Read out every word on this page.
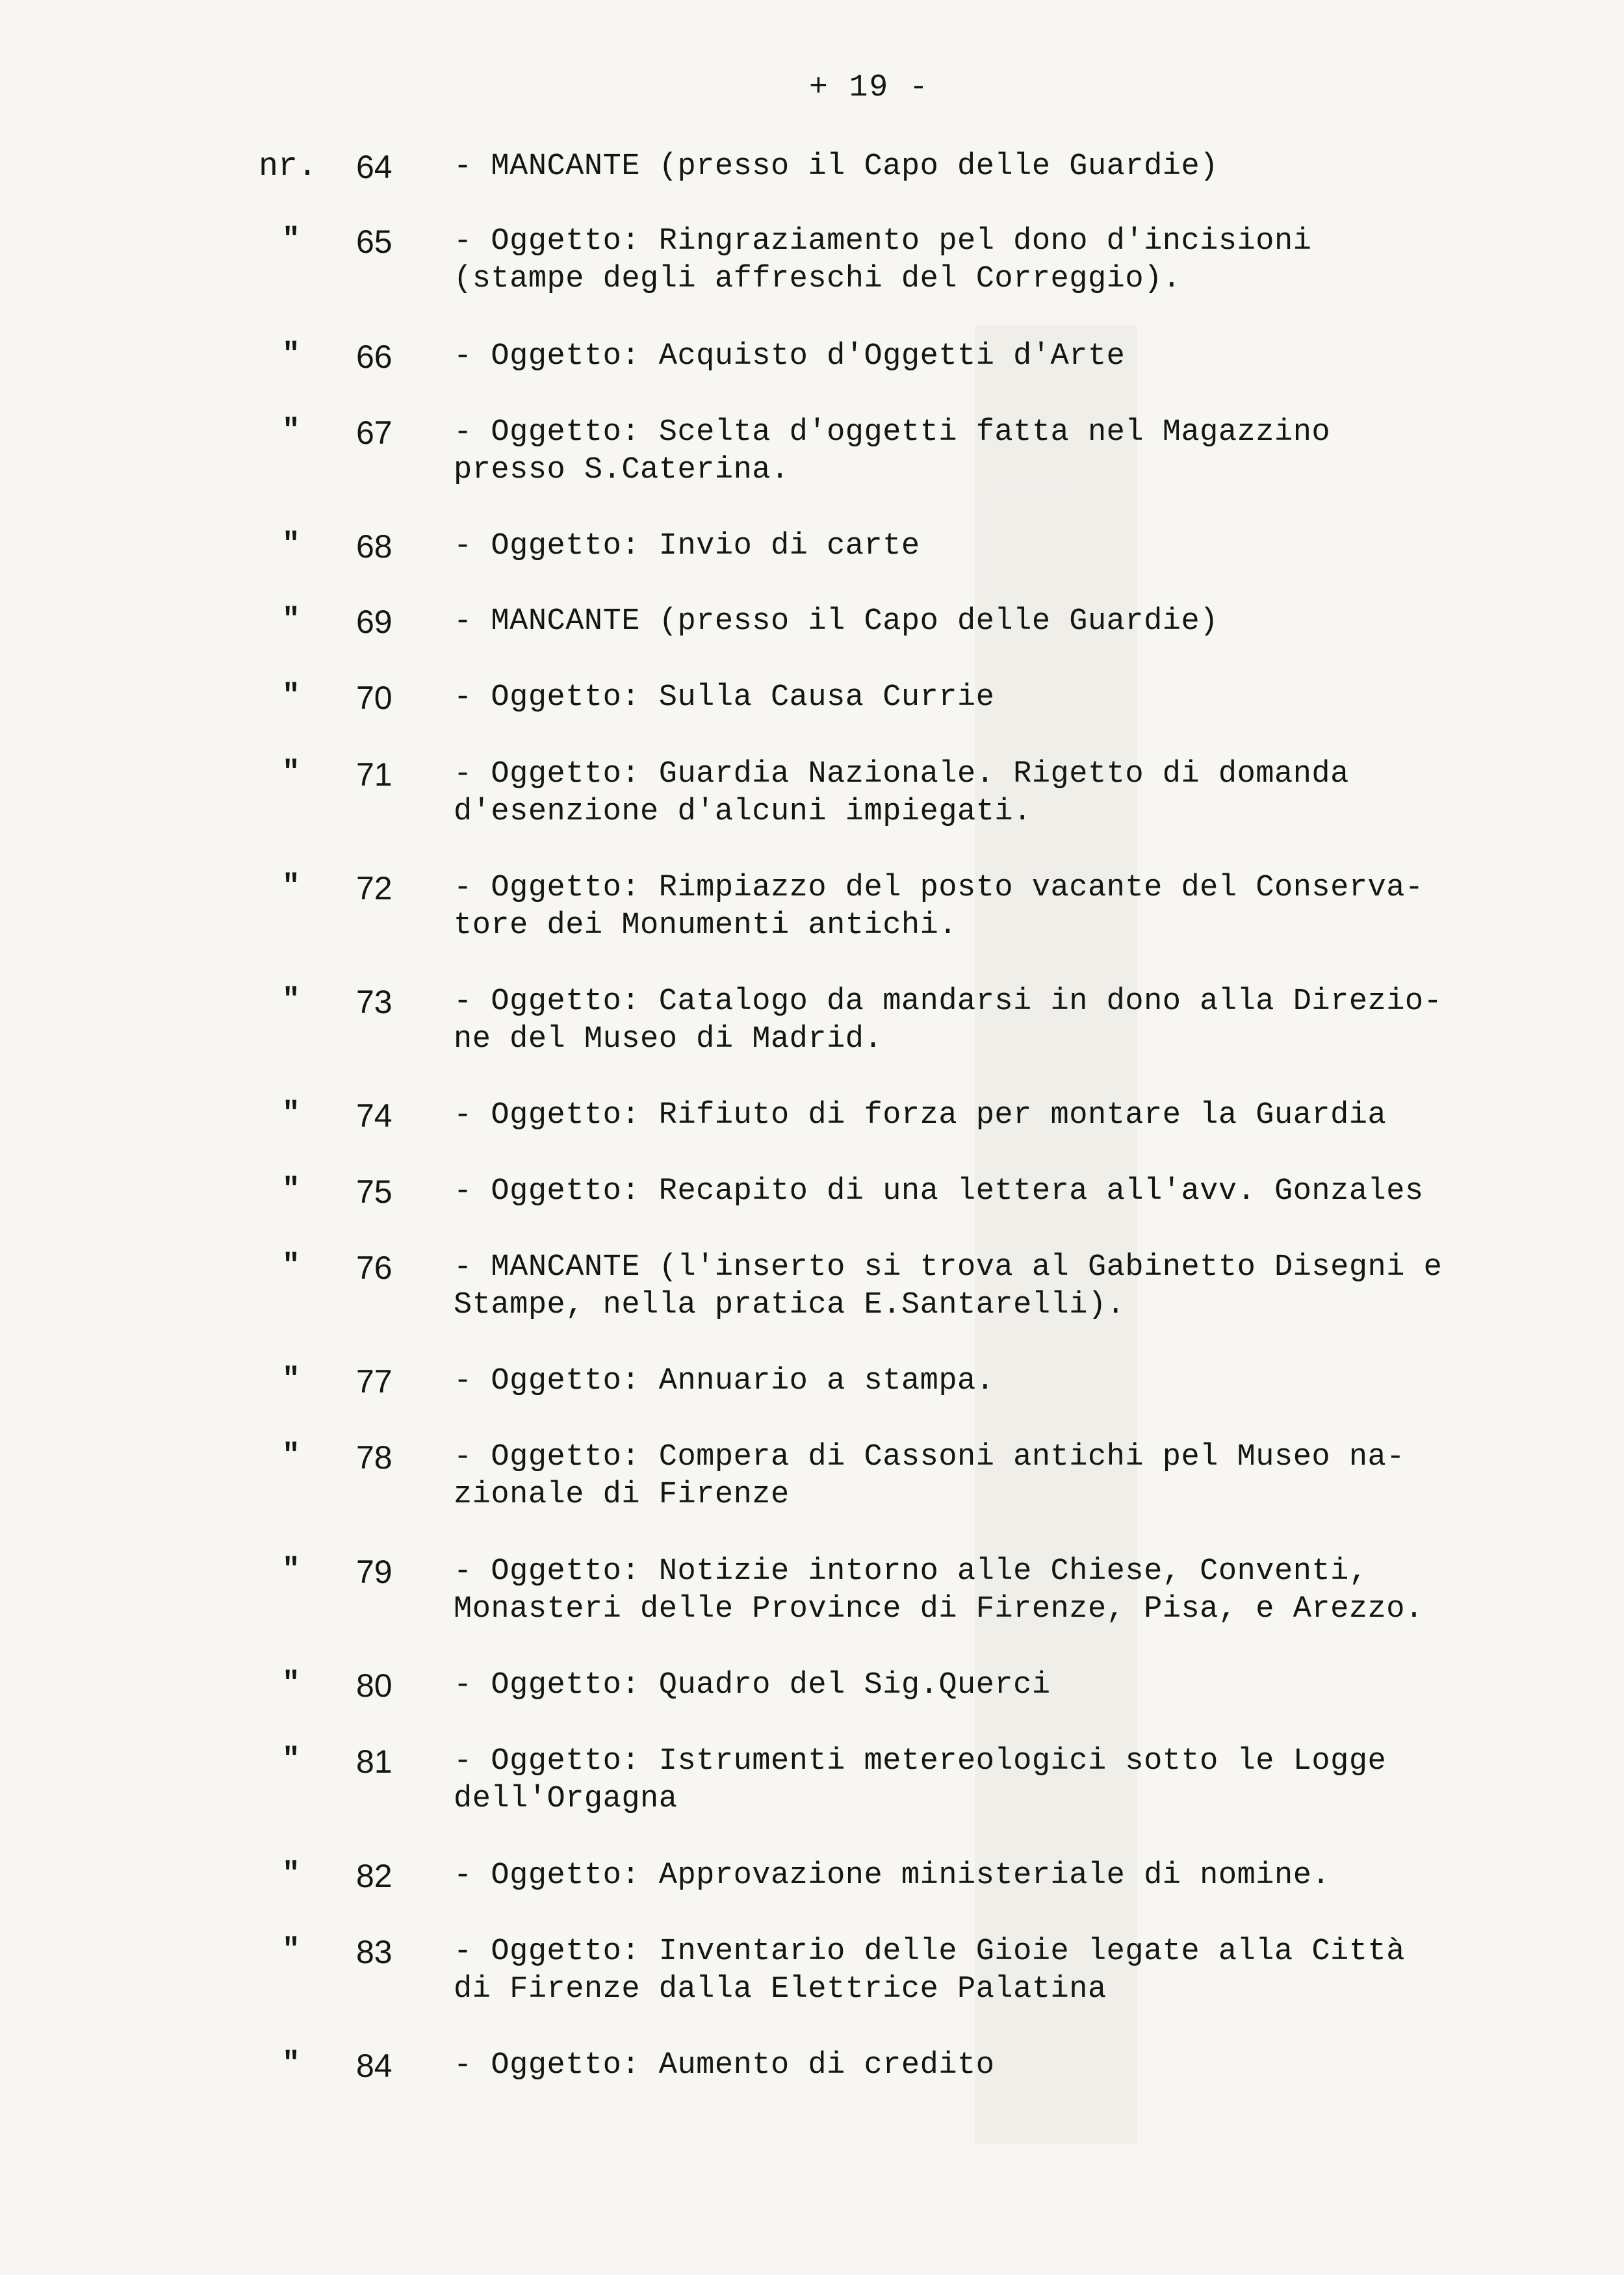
+ 19 -
nr. 64 - MANCANTE (presso il Capo delle Guardie)
" 65 - Oggetto: Ringraziamento pel dono d'incisioni
(stampe degli affreschi del Correggio).
" 66 - Oggetto: Acquisto d'Oggetti d'Arte
" 67 - Oggetto: Scelta d'oggetti fatta nel Magazzino
presso S.Caterina.
" 68 - Oggetto: Invio di carte
" 69 - MANCANTE (presso il Capo delle Guardie)
" 70 - Oggetto: Sulla Causa Currie
" 71 - Oggetto: Guardia Nazionale. Rigetto di domanda
d'esenzione d'alcuni impiegati.
" 72 - Oggetto: Rimpiazzo del posto vacante del Conserva-
tore dei Monumenti antichi.
" 73 - Oggetto: Catalogo da mandarsi in dono alla Direzio-
ne del Museo di Madrid.
" 74 - Oggetto: Rifiuto di forza per montare la Guardia
" 75 - Oggetto: Recapito di una lettera all'avv. Gonzales
" 76 - MANCANTE (l'inserto si trova al Gabinetto Disegni e
Stampe, nella pratica E.Santarelli).
" 77 - Oggetto: Annuario a stampa.
" 78 - Oggetto: Compera di Cassoni antichi pel Museo na-
zionale di Firenze
" 79 - Oggetto: Notizie intorno alle Chiese, Conventi,
Monasteri delle Province di Firenze, Pisa, e Arezzo.
" 80 - Oggetto: Quadro del Sig.Querci
" 81 - Oggetto: Istrumenti metereologici sotto le Logge
dell'Orgagna
" 82 - Oggetto: Approvazione ministeriale di nomine.
" 83 - Oggetto: Inventario delle Gioie legate alla Città
di Firenze dalla Elettrice Palatina
" 84 - Oggetto: Aumento di credito
